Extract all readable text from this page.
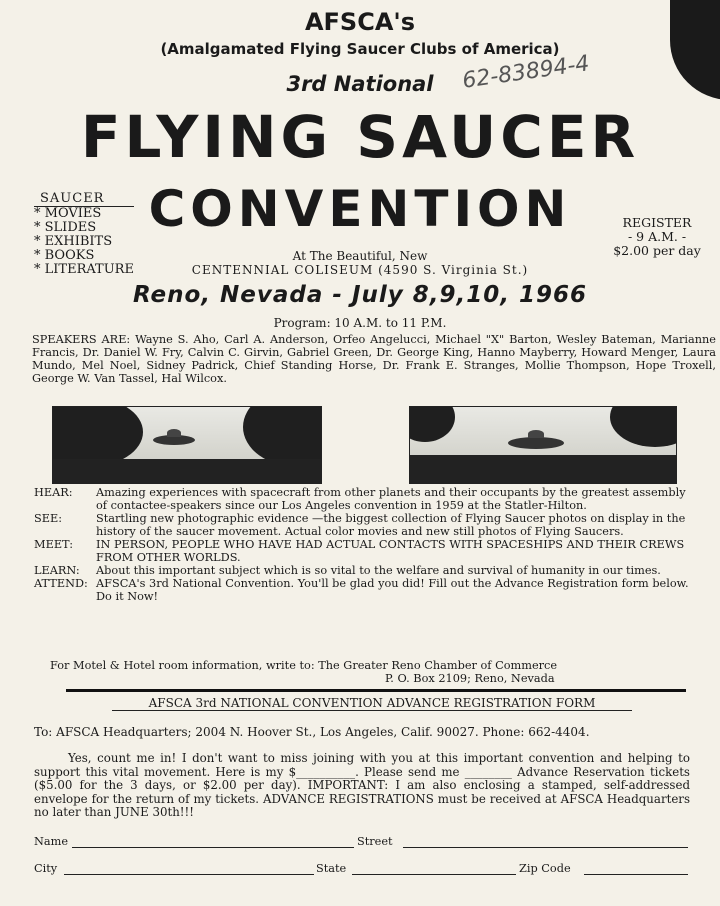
AFSCA's
(Amalgamated Flying Saucer Clubs of America)
3rd National	62-83894-4
FLYING SAUCER
CONVENTION
SAUCER
* MOVIES
* SLIDES
* EXHIBITS
* BOOKS
* LITERATURE
REGISTER
- 9 A.M. -
$2.00 per day
At The Beautiful, New
CENTENNIAL COLISEUM (4590 S. Virginia St.)
Reno, Nevada - July 8,9,10, 1966
Program: 10 A.M. to 11 P.M.
SPEAKERS ARE: Wayne S. Aho, Carl A. Anderson, Orfeo Angelucci, Michael "X" Barton, Wesley Bateman, Marianne Francis, Dr. Daniel W. Fry, Calvin C. Girvin, Gabriel Green, Dr. George King, Hanno Mayberry, Howard Menger, Laura Mundo, Mel Noel, Sidney Padrick, Chief Standing Horse, Dr. Frank E. Stranges, Mollie Thompson, Hope Troxell, George W. Van Tassel, Hal Wilcox.
HEAR:	Amazing experiences with spacecraft from other planets and their occupants by the greatest assembly of contactee-speakers since our Los Angeles convention in 1959 at the Statler-Hilton.
SEE:	Startling new photographic evidence —the biggest collection of Flying Saucer photos on display in the history of the saucer movement. Actual color movies and new still photos of Flying Saucers.
MEET:	IN PERSON, PEOPLE WHO HAVE HAD ACTUAL CONTACTS WITH SPACESHIPS AND THEIR CREWS FROM OTHER WORLDS.
LEARN:	About this important subject which is so vital to the welfare and survival of humanity in our times.
ATTEND: AFSCA's 3rd National Convention. You'll be glad you did! Fill out the Advance Registration form below. Do it Now!
For Motel & Hotel room information, write to: The Greater Reno Chamber of Commerce
P. O. Box 2109; Reno, Nevada
AFSCA 3rd NATIONAL CONVENTION ADVANCE REGISTRATION FORM
To: AFSCA Headquarters; 2004 N. Hoover St., Los Angeles, Calif. 90027. Phone: 662-4404.
Yes, count me in! I don't want to miss joining with you at this important convention and helping to support this vital movement. Here is my $__________. Please send me ________ Advance Reservation tickets ($5.00 for the 3 days, or $2.00 per day). IMPORTANT: I am also enclosing a stamped, self-addressed envelope for the return of my tickets. ADVANCE REGISTRATIONS must be received at AFSCA Headquarters no later than JUNE 30th!!!
Name	Street
City	State	Zip Code
